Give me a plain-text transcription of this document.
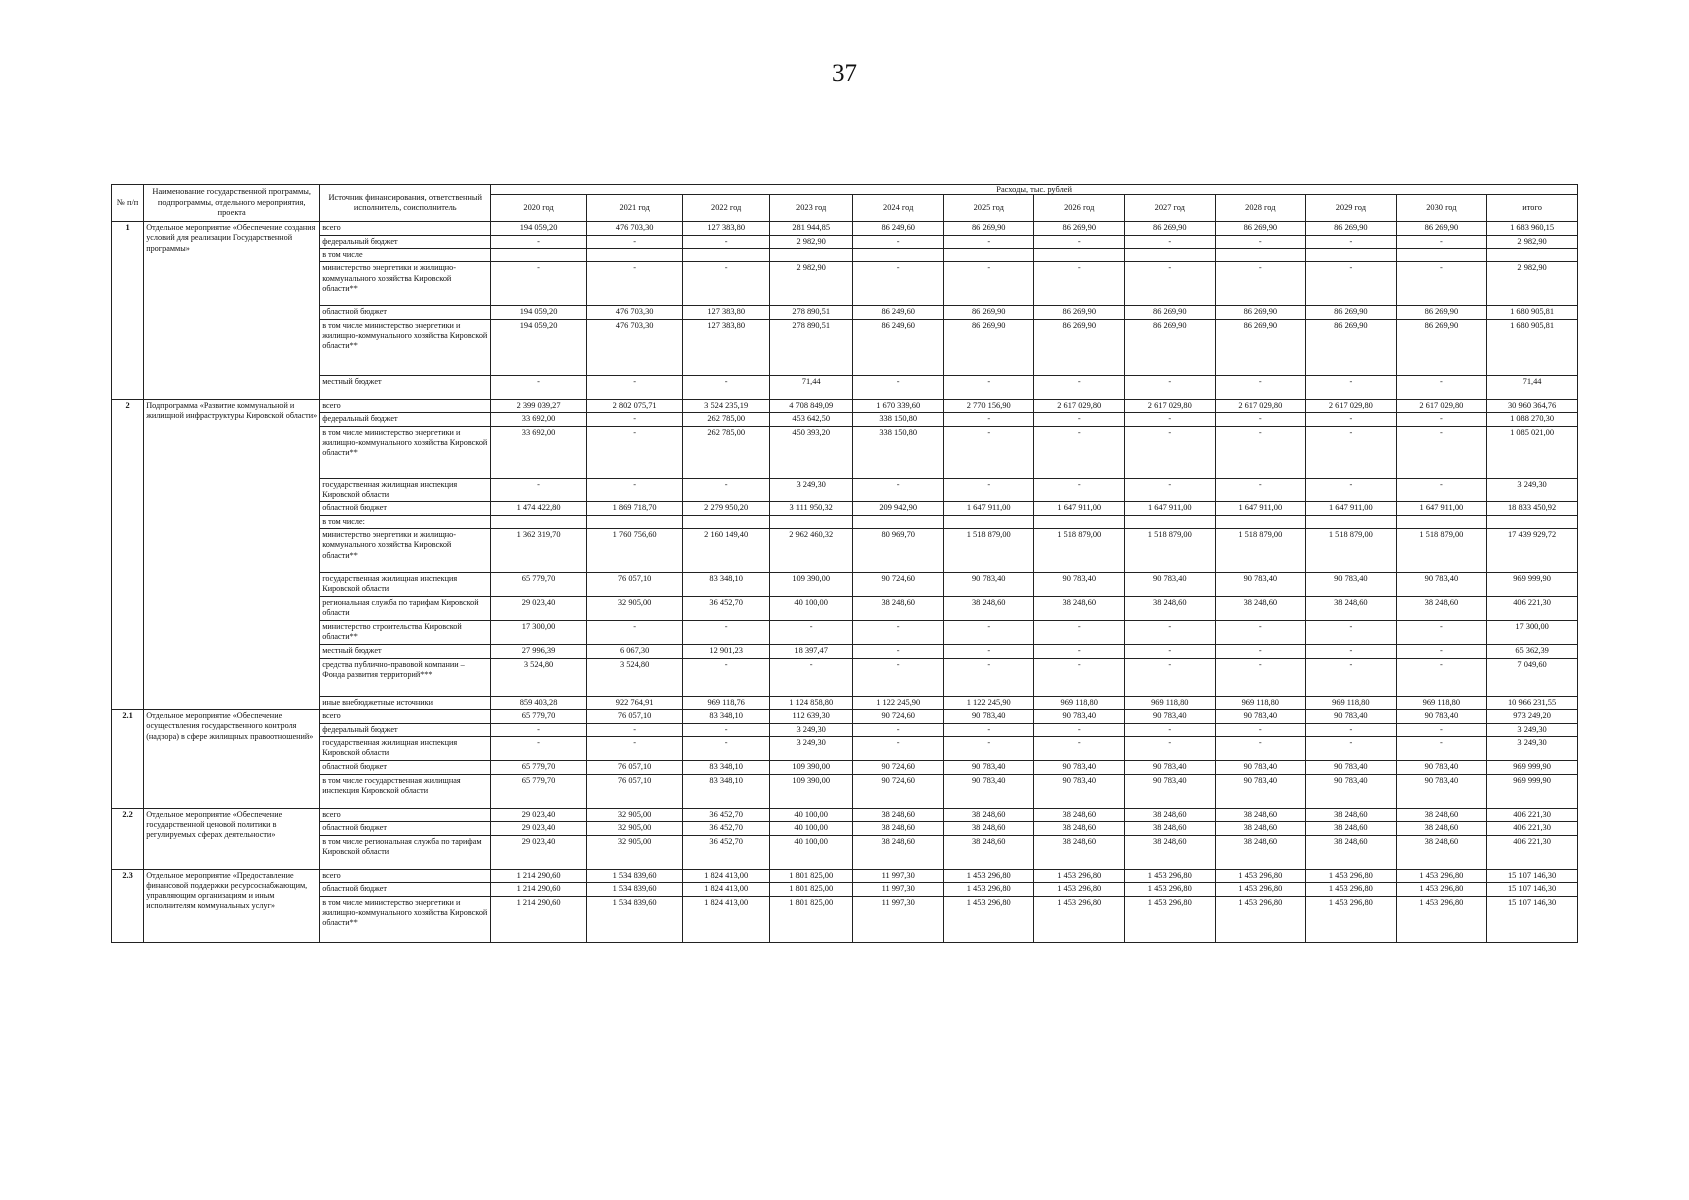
37
№ п/п	Наименование государственной программы, подпрограммы, отдельного мероприятия, проекта	Источник финансирования, ответственный исполнитель, соисполнитель	Расходы, тыс. рублей											
			2020 год	2021 год	2022 год	2023 год	2024 год	2025 год	2026 год	2027 год	2028 год	2029 год	2030 год	итого
1	Отдельное мероприятие «Обеспечение создания условий для реализации Государственной программы»	всего	194 059,20	476 703,30	127 383,80	281 944,85	86 249,60	86 269,90	86 269,90	86 269,90	86 269,90	86 269,90	86 269,90	1 683 960,15
		федеральный бюджет	-	-	-	2 982,90	-	-	-	-	-	-	-	2 982,90
		в том числе												
		министерство энергетики и жилищно-коммунального хозяйства Кировской области**	-	-	-	2 982,90	-	-	-	-	-	-	-	2 982,90
		областной бюджет	194 059,20	476 703,30	127 383,80	278 890,51	86 249,60	86 269,90	86 269,90	86 269,90	86 269,90	86 269,90	86 269,90	1 680 905,81
		в том числе министерство энергетики и жилищно-коммунального хозяйства Кировской области**	194 059,20	476 703,30	127 383,80	278 890,51	86 249,60	86 269,90	86 269,90	86 269,90	86 269,90	86 269,90	86 269,90	1 680 905,81
		местный бюджет	-	-	-	71,44	-	-	-	-	-	-	-	71,44
2	Подпрограмма «Развитие коммунальной и жилищной инфраструктуры Кировской области»	всего	2 399 039,27	2 802 075,71	3 524 235,19	4 708 849,09	1 670 339,60	2 770 156,90	2 617 029,80	2 617 029,80	2 617 029,80	2 617 029,80	2 617 029,80	30 960 364,76
		федеральный бюджет	33 692,00	-	262 785,00	453 642,50	338 150,80	-	-	-	-	-	-	1 088 270,30
		в том числе министерство энергетики и жилищно-коммунального хозяйства Кировской области**	33 692,00	-	262 785,00	450 393,20	338 150,80	-	-	-	-	-	-	1 085 021,00
		государственная жилищная инспекция Кировской области	-	-	-	3 249,30	-	-	-	-	-	-	-	3 249,30
		областной бюджет	1 474 422,80	1 869 718,70	2 279 950,20	3 111 950,32	209 942,90	1 647 911,00	1 647 911,00	1 647 911,00	1 647 911,00	1 647 911,00	1 647 911,00	18 833 450,92
		в том числе:												
		министерство энергетики и жилищно-коммунального хозяйства Кировской области**	1 362 319,70	1 760 756,60	2 160 149,40	2 962 460,32	80 969,70	1 518 879,00	1 518 879,00	1 518 879,00	1 518 879,00	1 518 879,00	1 518 879,00	17 439 929,72
		государственная жилищная инспекция Кировской области	65 779,70	76 057,10	83 348,10	109 390,00	90 724,60	90 783,40	90 783,40	90 783,40	90 783,40	90 783,40	90 783,40	969 999,90
		региональная служба по тарифам Кировской области	29 023,40	32 905,00	36 452,70	40 100,00	38 248,60	38 248,60	38 248,60	38 248,60	38 248,60	38 248,60	38 248,60	406 221,30
		министерство строительства Кировской области**	17 300,00	-	-	-	-	-	-	-	-	-	-	17 300,00
		местный бюджет	27 996,39	6 067,30	12 901,23	18 397,47	-	-	-	-	-	-	-	65 362,39
		средства публично-правовой компании – Фонда развития территорий***	3 524,80	3 524,80	-	-	-	-	-	-	-	-	-	7 049,60
		иные внебюджетные источники	859 403,28	922 764,91	969 118,76	1 124 858,80	1 122 245,90	1 122 245,90	969 118,80	969 118,80	969 118,80	969 118,80	969 118,80	10 966 231,55
2.1	Отдельное мероприятие «Обеспечение осуществления государственного контроля (надзора) в сфере жилищных правоотношений»	всего	65 779,70	76 057,10	83 348,10	112 639,30	90 724,60	90 783,40	90 783,40	90 783,40	90 783,40	90 783,40	90 783,40	973 249,20
		федеральный бюджет	-	-	-	3 249,30	-	-	-	-	-	-	-	3 249,30
		государственная жилищная инспекция Кировской области	-	-	-	3 249,30	-	-	-	-	-	-	-	3 249,30
		областной бюджет	65 779,70	76 057,10	83 348,10	109 390,00	90 724,60	90 783,40	90 783,40	90 783,40	90 783,40	90 783,40	90 783,40	969 999,90
		в том числе государственная жилищная инспекция Кировской области	65 779,70	76 057,10	83 348,10	109 390,00	90 724,60	90 783,40	90 783,40	90 783,40	90 783,40	90 783,40	90 783,40	969 999,90
2.2	Отдельное мероприятие «Обеспечение государственной ценовой политики в регулируемых сферах деятельности»	всего	29 023,40	32 905,00	36 452,70	40 100,00	38 248,60	38 248,60	38 248,60	38 248,60	38 248,60	38 248,60	38 248,60	406 221,30
		областной бюджет	29 023,40	32 905,00	36 452,70	40 100,00	38 248,60	38 248,60	38 248,60	38 248,60	38 248,60	38 248,60	38 248,60	406 221,30
		в том числе региональная служба по тарифам Кировской области	29 023,40	32 905,00	36 452,70	40 100,00	38 248,60	38 248,60	38 248,60	38 248,60	38 248,60	38 248,60	38 248,60	406 221,30
2.3	Отдельное мероприятие «Предоставление финансовой поддержки ресурсоснабжающим, управляющим организациям и иным исполнителям коммунальных услуг»	всего	1 214 290,60	1 534 839,60	1 824 413,00	1 801 825,00	11 997,30	1 453 296,80	1 453 296,80	1 453 296,80	1 453 296,80	1 453 296,80	1 453 296,80	15 107 146,30
		областной бюджет	1 214 290,60	1 534 839,60	1 824 413,00	1 801 825,00	11 997,30	1 453 296,80	1 453 296,80	1 453 296,80	1 453 296,80	1 453 296,80	1 453 296,80	15 107 146,30
		в том числе министерство энергетики и жилищно-коммунального хозяйства Кировской области**	1 214 290,60	1 534 839,60	1 824 413,00	1 801 825,00	11 997,30	1 453 296,80	1 453 296,80	1 453 296,80	1 453 296,80	1 453 296,80	1 453 296,80	15 107 146,30
